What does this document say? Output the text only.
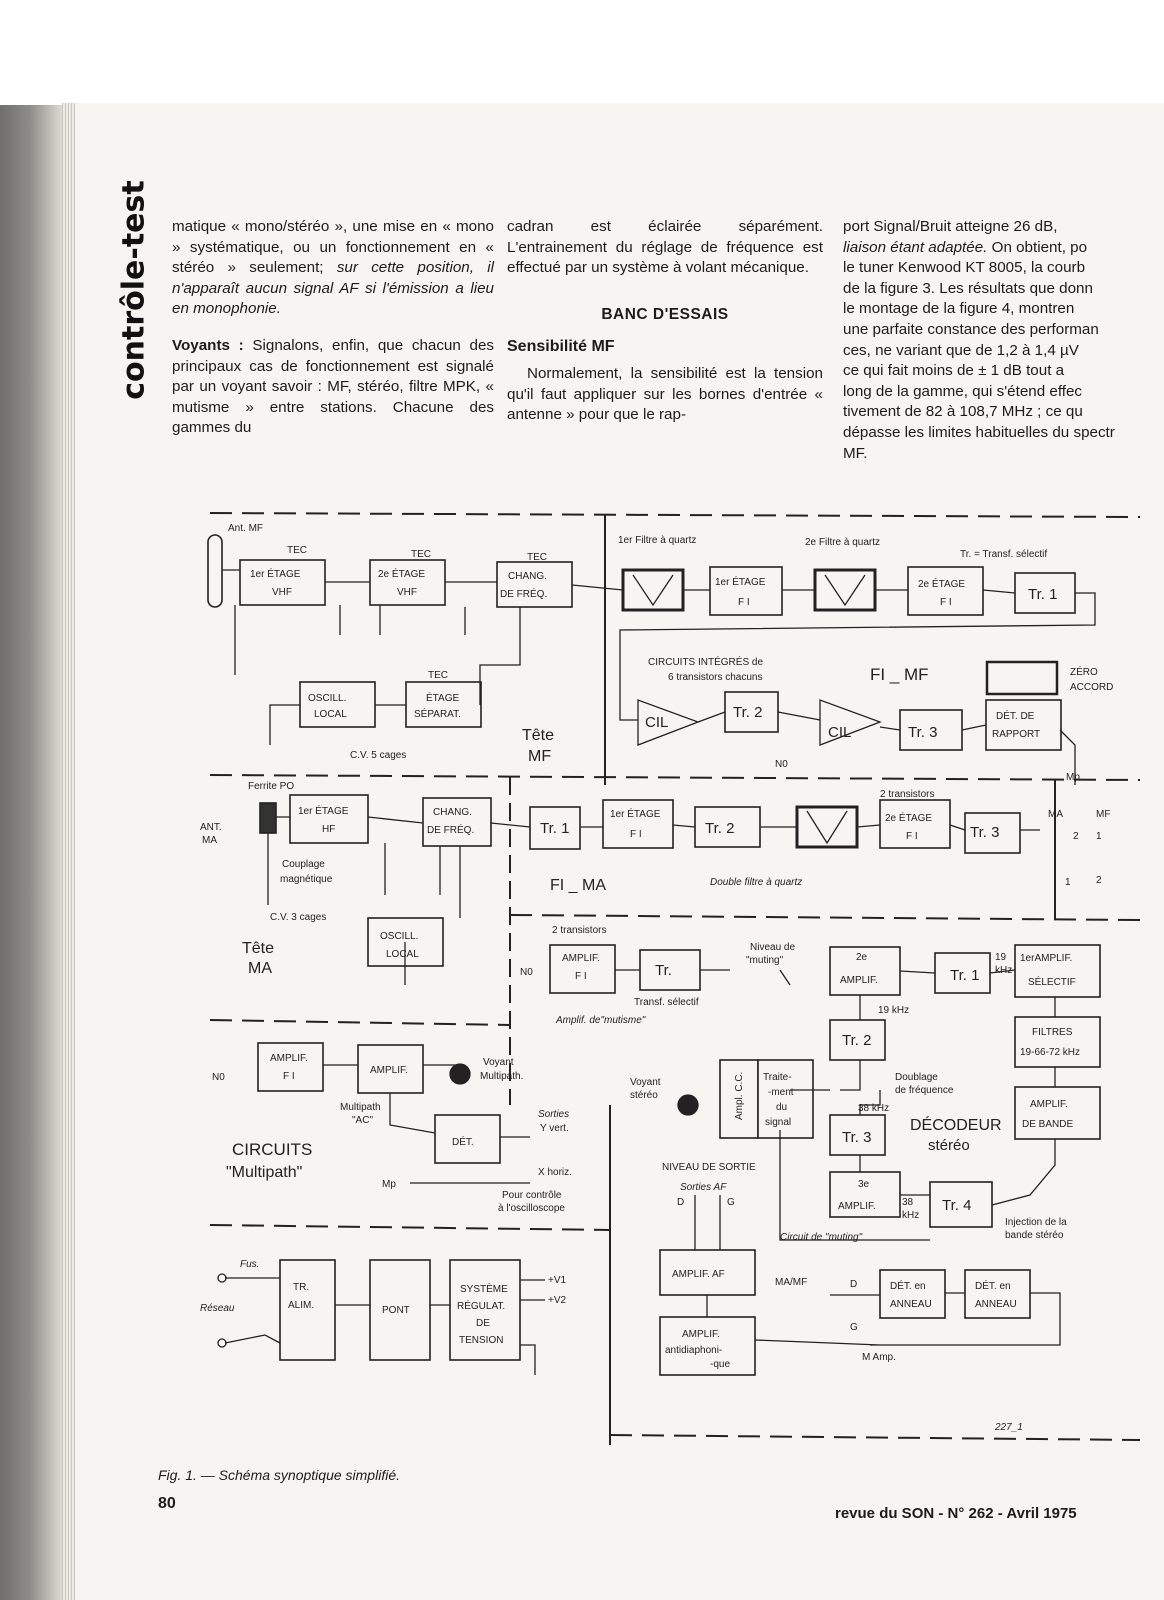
contrôle-test matique « mono/stéréo », une mise en « mono » systématique, ou un fonctionnement en « stéréo » seulement; sur cette position, il n'apparaît aucun signal AF si l'émission a lieu en monophonie.

Voyants : Signalons, enfin, que chacun des principaux cas de fonctionnement est signalé par un voyant savoir : MF, stéréo, filtre MPK, « mutisme » entre stations. Chacune des gammes du

cadran est éclairée séparément. L'entrainement du réglage de fréquence est effectué par un système à volant mécanique.

BANC D'ESSAIS

Sensibilité MF

Normalement, la sensibilité est la tension qu'il faut appliquer sur les bornes d'entrée « antenne » pour que le rap-

port Signal/Bruit atteigne 26 dB,

liaison étant adaptée. On obtient, po

le tuner Kenwood KT 8005, la courb

de la figure 3. Les résultats que donn

le montage de la figure 4, montren

une parfaite constance des performan

ces, ne variant que de 1,2 à 1,4 µV

ce qui fait moins de ± 1 dB tout a

long de la gamme, qui s'étend effec

tivement de 82 à 108,7 MHz ; ce qu

dépasse les limites habituelles du spectr

MF.

Ant. MF
TEC	TEC	TEC
1er ÉTAGE
VHF
2e ÉTAGE
VHF
CHANG.
DE FRÉQ.
1er Filtre à quartz	2e Filtre à quartz
Tr. = Transf. sélectif
1er ÉTAGE
F I
2e ÉTAGE
F I	Tr. 1
CIRCUITS INTÉGRÉS de
6 transistors chacuns	FI _ MF	ZÉRO
ACCORD
CIL
CIL
Tr. 2
Tr. 3
DÉT. DE
RAPPORT
OSCILL.
LOCAL
TEC
ÉTAGE
SÉPARAT.
Tête
MF
C.V. 5 cages
N0
Mp
Ferrite PO
ANT.
MA
1er ÉTAGE
HF
Couplage
magnétique
CHANG.
DE FRÉQ.
C.V. 3 cages
Tête
MA
OSCILL.
LOCAL
Tr. 1
1er ÉTAGE
F I	Tr. 2
2 transistors
2e ÉTAGE
F I	Tr. 3
MA	MF
2 1
1	2
FI _ MA	Double filtre à quartz
2 transistors
N0
AMPLIF.
F I	Tr.
Niveau de
"muting"
Transf. sélectif
Amplif. de"mutisme"
2e
AMPLIF.	Tr. 1
19 kHz
19
kHz
1erAMPLIF.
SÉLECTIF
FILTRES
19-66-72 kHz
Tr. 2
Doublage
de fréquence
38 kHz	AMPLIF.
DE BANDE
DÉCODEUR
stéréo
Tr. 3
Voyant
stéréo	Ampl. C.C. Traite-
-ment
du
signal
3e
AMPLIF.	Tr. 4
38
kHz
Injection de la
bande stéréo
Circuit de "muting"
NIVEAU DE SORTIE
Sorties AF
D	G
AMPLIF. AF
MA/MF	D
G
DÉT. en
ANNEAU
DÉT. en
ANNEAU
AMPLIF.
antidiaphoni-
-que
M Amp.
AMPLIF.
F I
AMPLIF.
N0
Voyant
Multipath.
Multipath
"AC"
DÉT.
Sorties
Y vert.
X horiz.
Mp
Pour contrôle
à l'oscilloscope
CIRCUITS
"Multipath"
Fus.
Réseau
TR.
ALIM.	PONT
SYSTÈME
RÉGULAT.
DE
TENSION
+V1
+V2
227_1
Fig. 1. — Schéma synoptique simplifié.
80
revue du SON - N° 262 - Avril 1975
